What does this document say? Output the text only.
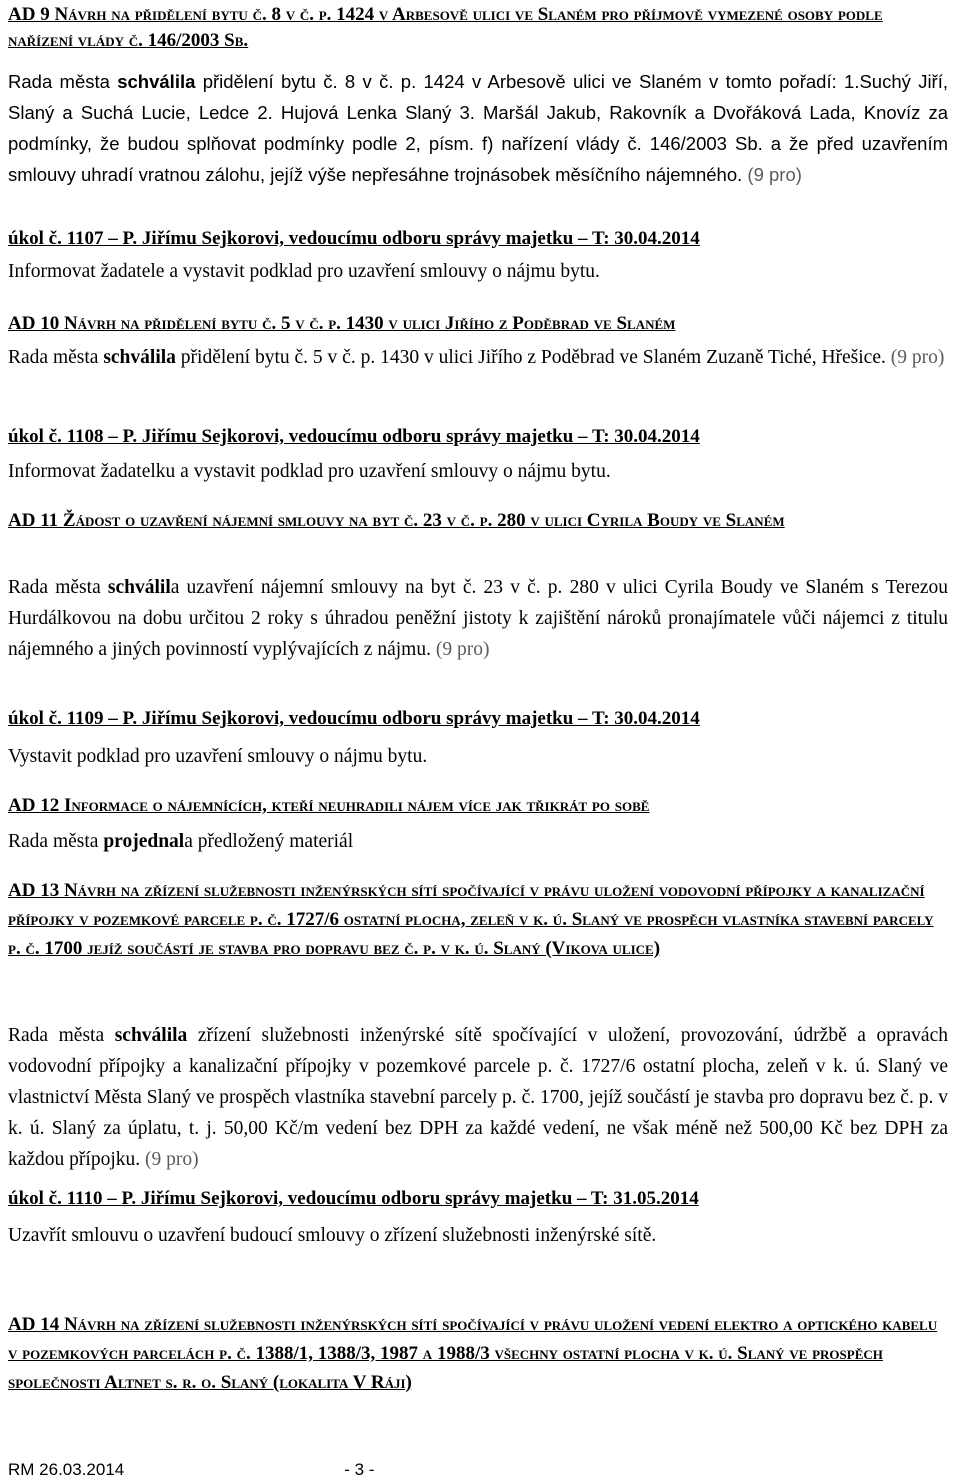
AD 9 Návrh na přidělení bytu č. 8 v č. p. 1424 v Arbesově ulici ve Slaném pro příjmově vymezené osoby podle nařízení vlády č. 146/2003 Sb.
Rada města schválila přidělení bytu č. 8 v č. p. 1424 v Arbesově ulici ve Slaném v tomto pořadí: 1.Suchý Jiří, Slaný a Suchá Lucie, Ledce 2. Hujová Lenka Slaný 3. Maršál Jakub, Rakovník a Dvořáková Lada, Knovíz za podmínky, že budou splňovat podmínky podle 2, písm. f) nařízení vlády č. 146/2003 Sb. a že před uzavřením smlouvy uhradí vratnou zálohu, jejíž výše nepřesáhne trojnásobek měsíčního nájemného. (9 pro)
úkol č. 1107 – P. Jiřímu Sejkorovi, vedoucímu odboru správy majetku – T: 30.04.2014
Informovat žadatele a vystavit podklad pro uzavření smlouvy o nájmu bytu.
AD 10 Návrh na přidělení bytu č. 5 v č. p. 1430 v ulici Jiřího z Poděbrad ve Slaném
Rada města schválila přidělení bytu č. 5 v č. p. 1430 v ulici Jiřího z Poděbrad ve Slaném Zuzaně Tiché, Hřešice. (9 pro)
úkol č. 1108 – P. Jiřímu Sejkorovi, vedoucímu odboru správy majetku – T: 30.04.2014
Informovat žadatelku a vystavit podklad pro uzavření smlouvy o nájmu bytu.
AD 11 Žádost o uzavření nájemní smlouvy na byt č. 23 v č. p. 280 v ulici Cyrila Boudy ve Slaném
Rada města schválila uzavření nájemní smlouvy na byt č. 23 v č. p. 280 v ulici Cyrila Boudy ve Slaném s Terezou Hurdálkovou na dobu určitou 2 roky s úhradou peněžní jistoty k zajištění nároků pronajímatele vůči nájemci z titulu nájemného a jiných povinností vyplývajících z nájmu. (9 pro)
úkol č. 1109 – P. Jiřímu Sejkorovi, vedoucímu odboru správy majetku – T: 30.04.2014
Vystavit podklad pro uzavření smlouvy o nájmu bytu.
AD 12 Informace o nájemnících, kteří neuhradili nájem více jak třikrát po sobě
Rada města projednala předložený materiál
AD 13 Návrh na zřízení služebnosti inženýrských sítí spočívající v právu uložení vodovodní přípojky a kanalizační přípojky v pozemkové parcele p. č. 1727/6 ostatní plocha, zeleň v k. ú. Slaný ve prospěch vlastníka stavební parcely p. č. 1700 jejíž součástí je stavba pro dopravu bez č. p. v k. ú. Slaný (Vikova ulice)
Rada města schválila zřízení služebnosti inženýrské sítě spočívající v uložení, provozování, údržbě a opravách vodovodní přípojky a kanalizační přípojky v pozemkové parcele p. č. 1727/6 ostatní plocha, zeleň v k. ú. Slaný ve vlastnictví Města Slaný ve prospěch vlastníka stavební parcely p. č. 1700, jejíž součástí je stavba pro dopravu bez č. p. v k. ú. Slaný za úplatu, t. j. 50,00 Kč/m vedení bez DPH za každé vedení, ne však méně než 500,00 Kč bez DPH za každou přípojku. (9 pro)
úkol č. 1110 – P. Jiřímu Sejkorovi, vedoucímu odboru správy majetku – T: 31.05.2014
Uzavřít smlouvu o uzavření budoucí smlouvy o zřízení služebnosti inženýrské sítě.
AD 14 Návrh na zřízení služebnosti inženýrských sítí spočívající v právu uložení vedení elektro a optického kabelu v pozemkových parcelách p. č. 1388/1, 1388/3, 1987 a 1988/3 všechny ostatní plocha v k. ú. Slaný ve prospěch společnosti Altnet s. r. o. Slaný (lokalita V Ráji)
RM 26.03.2014	- 3 -
